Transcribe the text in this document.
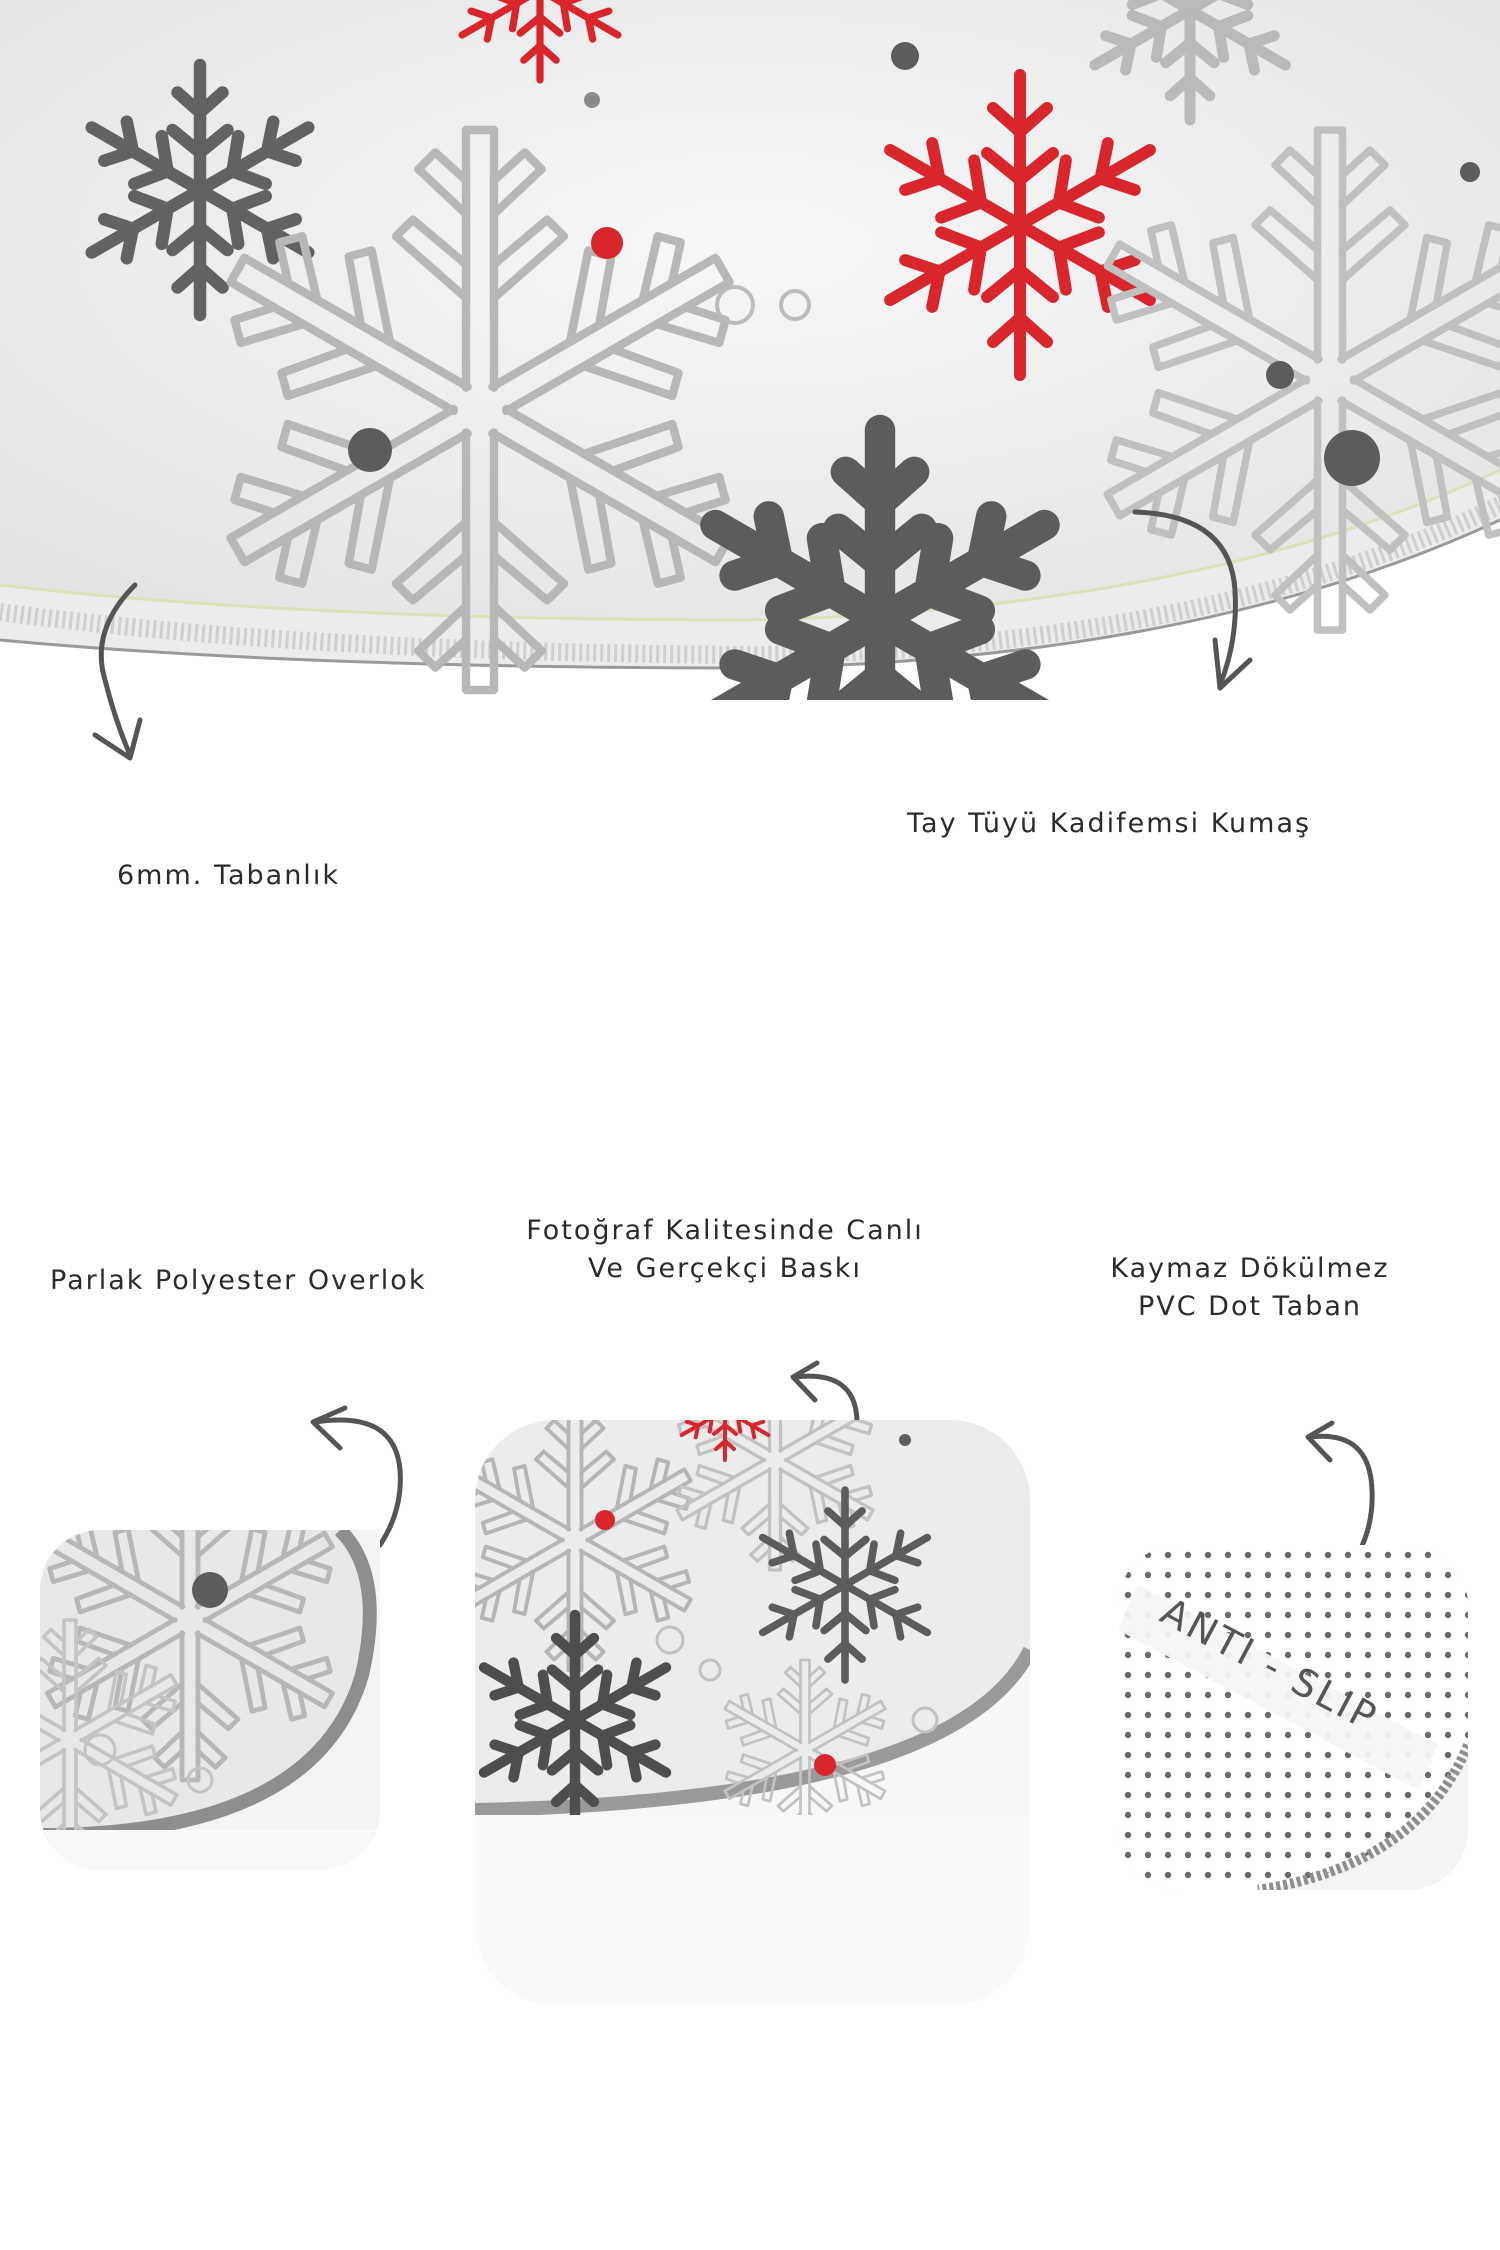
6mm. Tabanlık
Tay Tüyü Kadifemsi Kumaş
Parlak Polyester Overlok
Fotoğraf Kalitesinde Canlı
Ve Gerçekçi Baskı	Kaymaz Dökülmez
PVC Dot Taban
ANTI - SLIP
